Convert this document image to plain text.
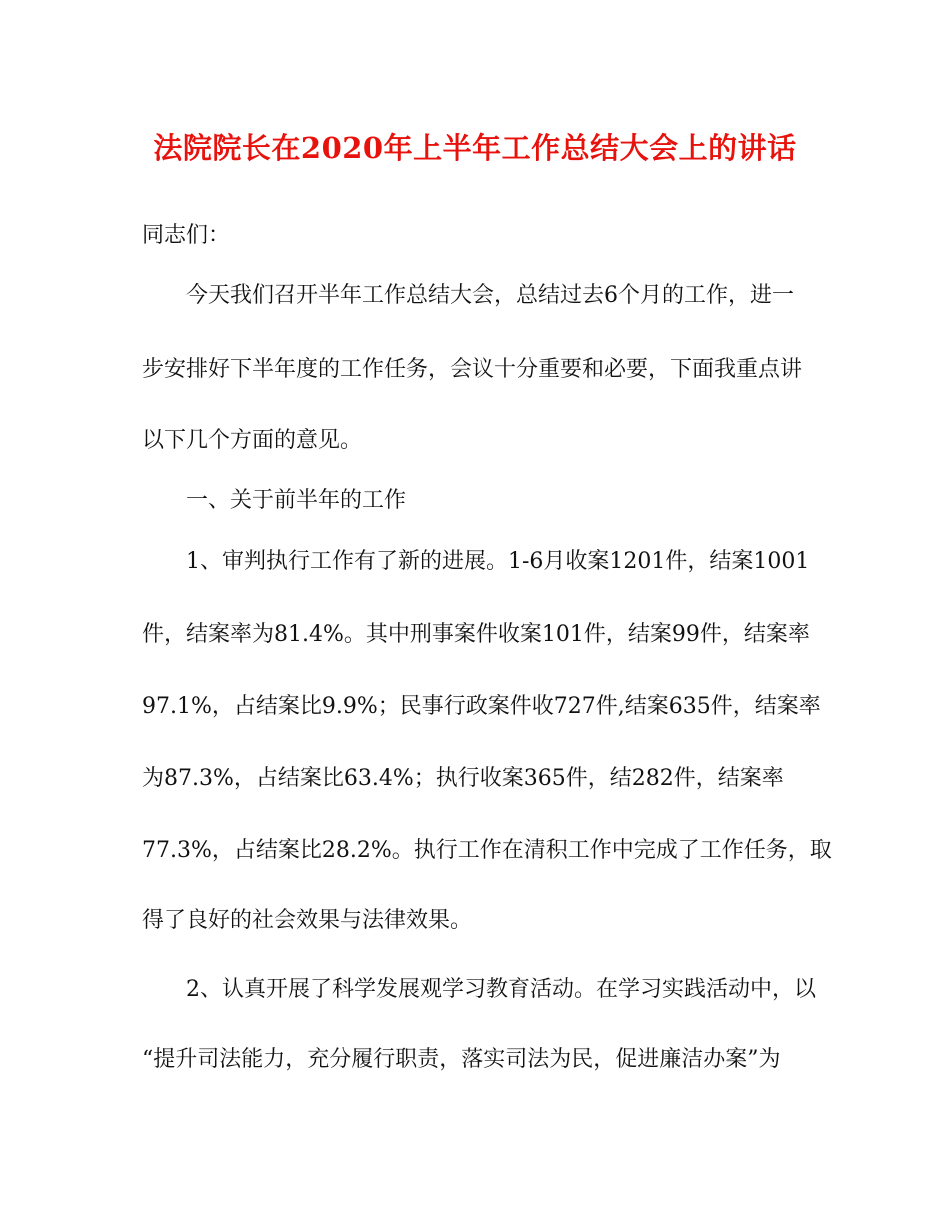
法院院长在2020年上半年工作总结大会上的讲话
同志们：
今天我们召开半年工作总结大会，总结过去6个月的工作，进一
步安排好下半年度的工作任务，会议十分重要和必要，下面我重点讲
以下几个方面的意见。
一、关于前半年的工作
1、审判执行工作有了新的进展。1-6月收案1201件，结案1001
件，结案率为81.4%。其中刑事案件收案101件，结案99件，结案率
97.1%，占结案比9.9%；民事行政案件收727件,结案635件，结案率
为87.3%，占结案比63.4%；执行收案365件，结282件，结案率
77.3%，占结案比28.2%。执行工作在清积工作中完成了工作任务，取
得了良好的社会效果与法律效果。
2、认真开展了科学发展观学习教育活动。在学习实践活动中，以
“提升司法能力，充分履行职责，落实司法为民，促进廉洁办案”为
